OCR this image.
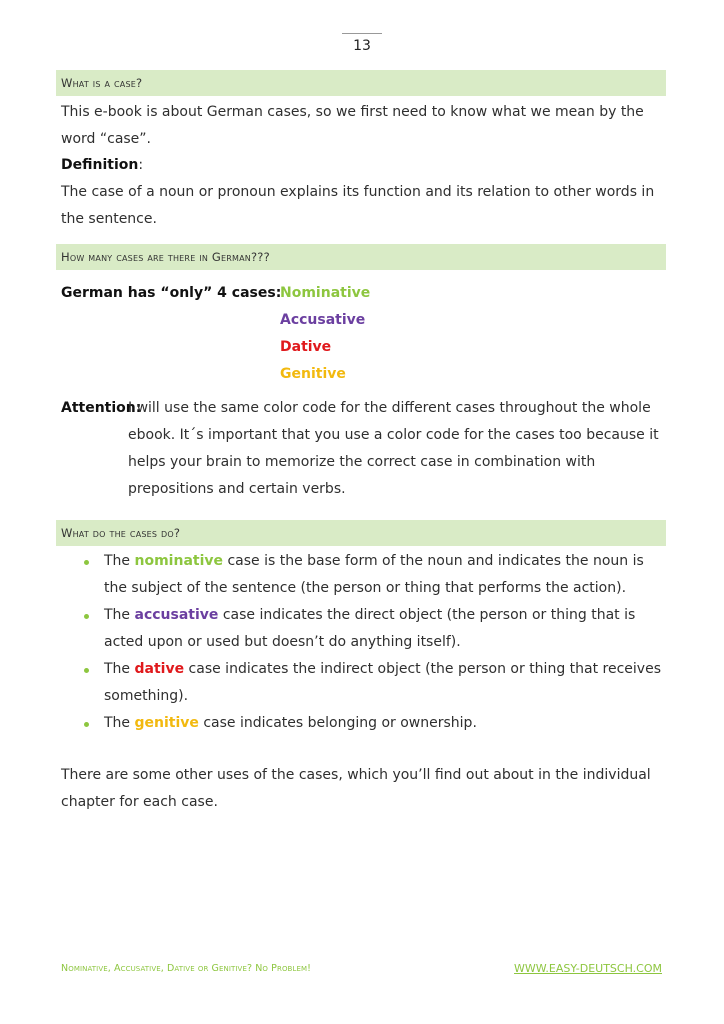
13
What is a case?
This e-book is about German cases, so we first need to know what we mean by the word “case”.
Definition:
The case of a noun or pronoun explains its function and its relation to other words in the sentence.
How many cases are there in German???
German has “only” 4 cases:
Nominative
Accusative
Dative
Genitive
Attention:
I will use the same color code for the different cases throughout the whole
ebook. It´s important that you use a color code for the cases too because it helps your brain to memorize the correct case in combination with prepositions and certain verbs.
What do the cases do?
The nominative case is the base form of the noun and indicates the noun is the subject of the sentence (the person or thing that performs the action).
The accusative case indicates the direct object (the person or thing that is acted upon or used but doesn’t do anything itself).
The dative case indicates the indirect object (the person or thing that receives something).
The genitive case indicates belonging or ownership.
There are some other uses of the cases, which you’ll find out about in the individual chapter for each case.
Nominative, Accusative, Dative or Genitive? No Problem!	WWW.EASY-DEUTSCH.COM
